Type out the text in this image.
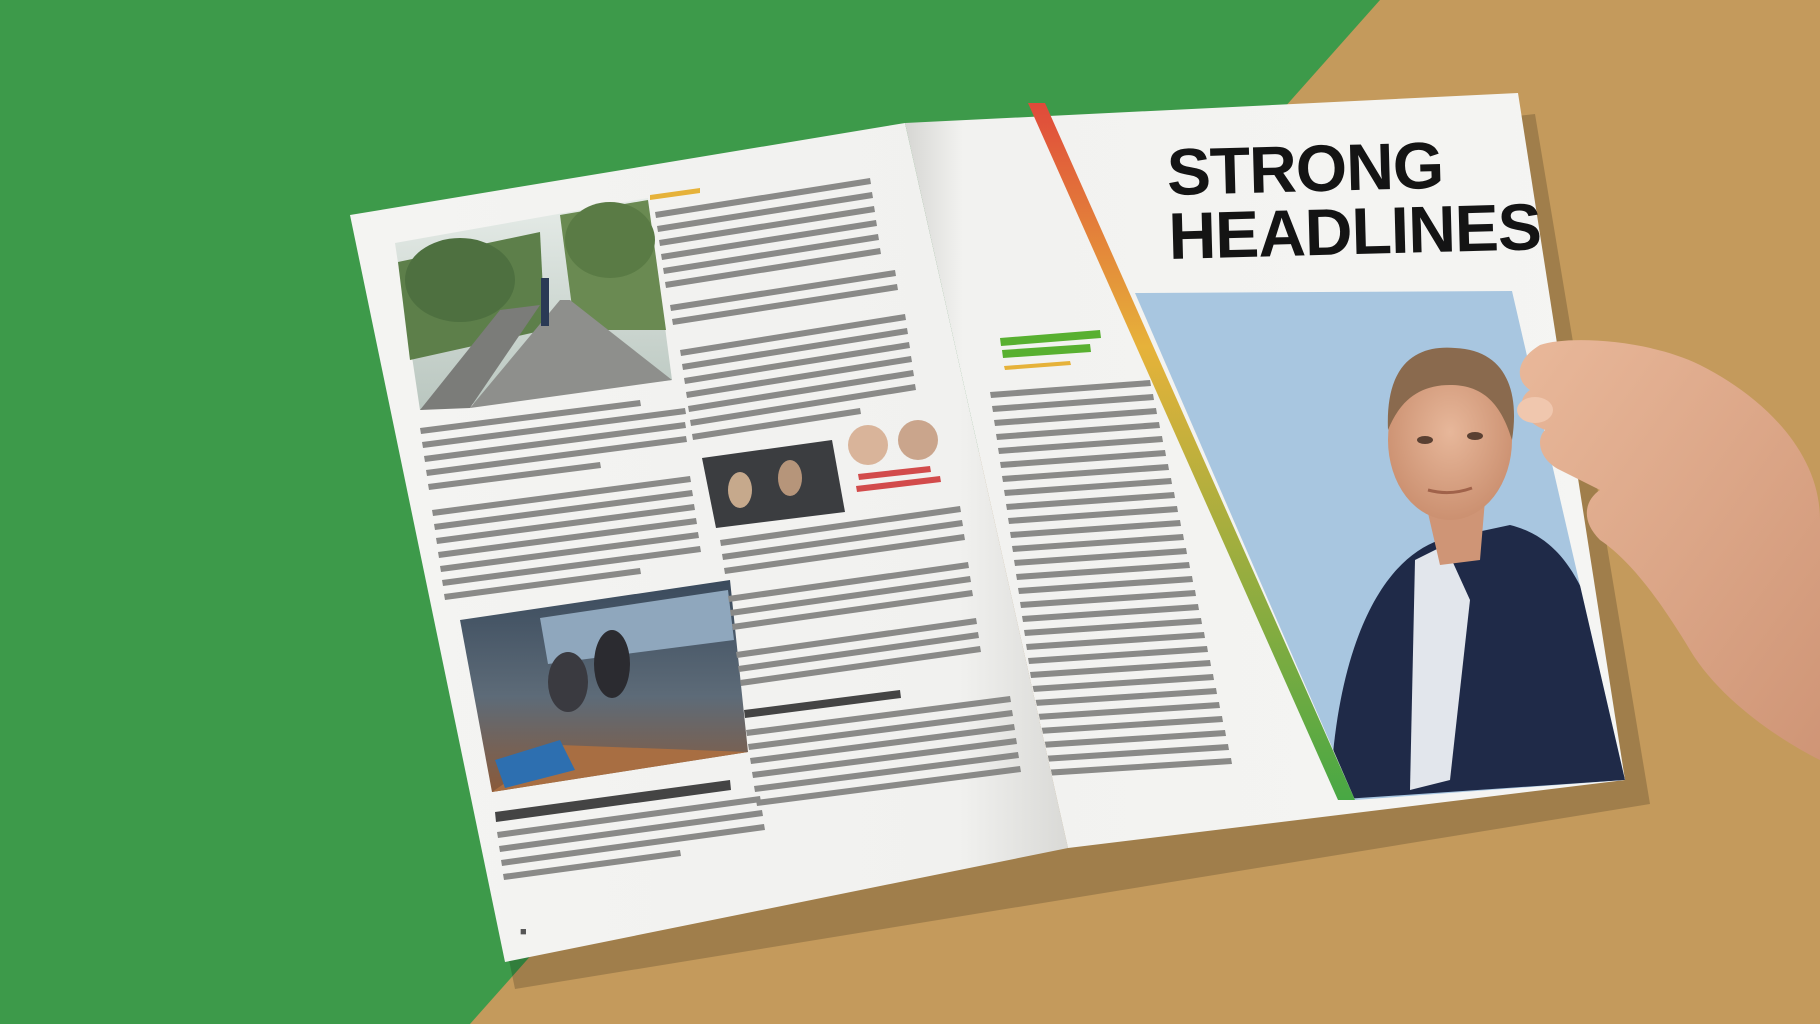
■
STRONG
HEADLINES
